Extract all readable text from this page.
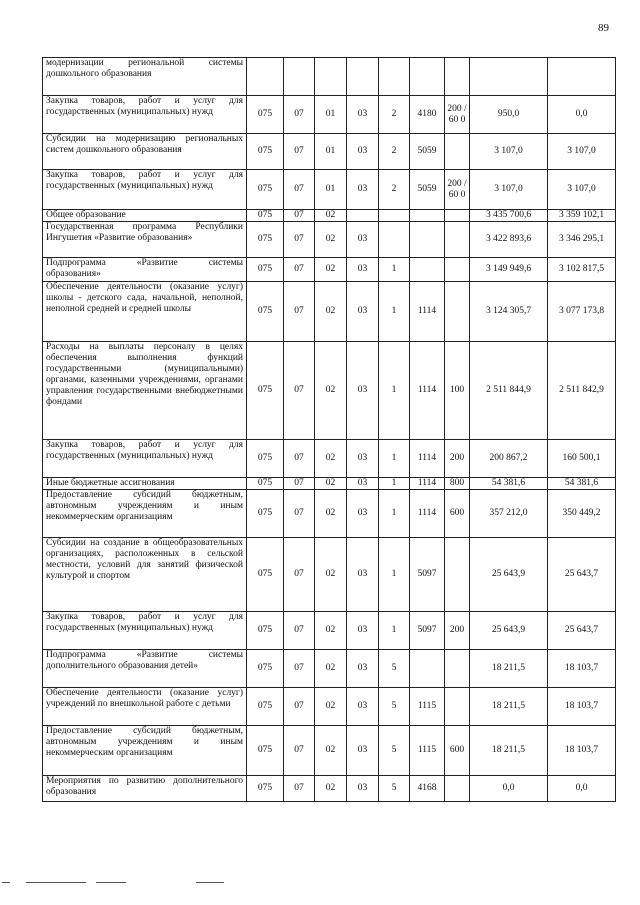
89
модернизации региональной системы дошкольного образования									
Закупка товаров, работ и услуг для государственных (муниципальных) нужд	075	07	01	03	2	4180	200 /60 0	950,0	0,0
Субсидии на модернизацию региональных систем дошкольного образования	075	07	01	03	2	5059		3 107,0	3 107,0
Закупка товаров, работ и услуг для государственных (муниципальных) нужд	075	07	01	03	2	5059	200 /60 0	3 107,0	3 107,0
Общее образование	075	07	02					3 435 700,6	3 359 102,1
Государственная программа Республики Ингушетия «Развитие образования»	075	07	02	03				3 422 893,6	3 346 295,1
Подпрограмма «Развитие системы образования»	075	07	02	03	1			3 149 949,6	3 102 817,5
Обеспечение деятельности (оказание услуг) школы - детского сада, начальной, неполной, неполной средней и средней школы	075	07	02	03	1	1114		3 124 305,7	3 077 173,8
Расходы на выплаты персоналу в целях обеспечения выполнения функций государственными (муниципальными) органами, казенными учреждениями, органами управления государственными внебюджетными фондами	075	07	02	03	1	1114	100	2 511 844,9	2 511 842,9
Закупка товаров, работ и услуг для государственных (муниципальных) нужд	075	07	02	03	1	1114	200	200 867,2	160 500,1
Иные бюджетные ассигнования	075	07	02	03	1	1114	800	54 381,6	54 381,6
Предоставление субсидий бюджетным, автономным учреждениям и иным некоммерческим организациям	075	07	02	03	1	1114	600	357 212,0	350 449,2
Субсидии на создание в общеобразовательных организациях, расположенных в сельской местности, условий для занятий физической культурой и спортом	075	07	02	03	1	5097		25 643,9	25 643,7
Закупка товаров, работ и услуг для государственных (муниципальных) нужд	075	07	02	03	1	5097	200	25 643,9	25 643,7
Подпрограмма «Развитие системы дополнительного образования детей»	075	07	02	03	5			18 211,5	18 103,7
Обеспечение деятельности (оказание услуг) учреждений по внешкольной работе с детьми	075	07	02	03	5	1115		18 211,5	18 103,7
Предоставление субсидий бюджетным, автономным учреждениям и иным некоммерческим организациям	075	07	02	03	5	1115	600	18 211,5	18 103,7
Мероприятия по развитию дополнительного образования	075	07	02	03	5	4168		0,0	0,0
